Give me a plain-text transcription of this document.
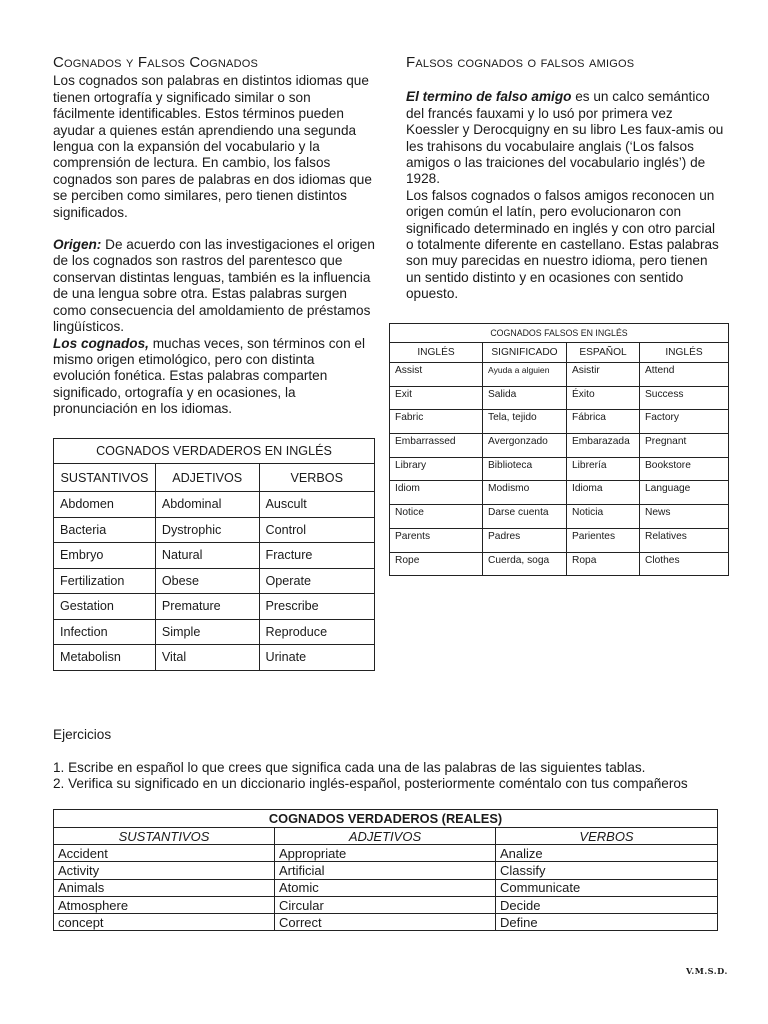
Cognados y Falsos Cognados

Los cognados son palabras en distintos idiomas que tienen ortografía y significado similar o son fácilmente identificables. Estos términos pueden ayudar a quienes están aprendiendo una segunda lengua con la expansión del vocabulario y la comprensión de lectura. En cambio, los falsos cognados son pares de palabras en dos idiomas que se perciben como similares, pero tienen distintos significados.

Origen: De acuerdo con las investigaciones el origen de los cognados son rastros del parentesco que conservan distintas lenguas, también es la influencia de una lengua sobre otra. Estas palabras surgen como consecuencia del amoldamiento de préstamos lingüísticos.

Los cognados, muchas veces, son términos con el mismo origen etimológico, pero con distinta evolución fonética. Estas palabras comparten significado, ortografía y en ocasiones, la pronunciación en los idiomas.

Falsos cognados o falsos amigos

El termino de falso amigo es un calco semántico del francés fauxami y lo usó por primera vez Koessler y Derocquigny en su libro Les faux-amis ou les trahisons du vocabulaire anglais (‘Los falsos amigos o las traiciones del vocabulario inglés’) de 1928.

Los falsos cognados o falsos amigos reconocen un origen común el latín, pero evolucionaron con significado determinado en inglés y con otro parcial o totalmente diferente en castellano. Estas palabras son muy parecidas en nuestro idioma, pero tienen un sentido distinto y en ocasiones con sentido opuesto.

COGNADOS VERDADEROS EN INGLÉS		
SUSTANTIVOS	ADJETIVOS	VERBOS
Abdomen	Abdominal	Auscult
Bacteria	Dystrophic	Control
Embryo	Natural	Fracture
Fertilization	Obese	Operate
Gestation	Premature	Prescribe
Infection	Simple	Reproduce
Metabolisn	Vital	Urinate
COGNADOS FALSOS EN INGLÉS			
INGLÉS	SIGNIFICADO	ESPAÑOL	INGLÉS
Assist	Ayuda a alguien	Asistir	Attend
Exit	Salida	Éxito	Success
Fabric	Tela, tejido	Fábrica	Factory
Embarrassed	Avergonzado	Embarazada	Pregnant
Library	Biblioteca	Librería	Bookstore
Idiom	Modismo	Idioma	Language
Notice	Darse cuenta	Noticia	News
Parents	Padres	Parientes	Relatives
Rope	Cuerda, soga	Ropa	Clothes

Ejercicios

1. Escribe en español lo que crees que significa cada una de las palabras de las siguientes tablas.

2. Verifica su significado en un diccionario inglés-español, posteriormente coméntalo con tus compañeros

COGNADOS VERDADEROS (REALES)		
SUSTANTIVOS	ADJETIVOS	VERBOS
Accident	Appropriate	Analize
Activity	Artificial	Classify
Animals	Atomic	Communicate
Atmosphere	Circular	Decide
concept	Correct	Define
V.M.S.D.
